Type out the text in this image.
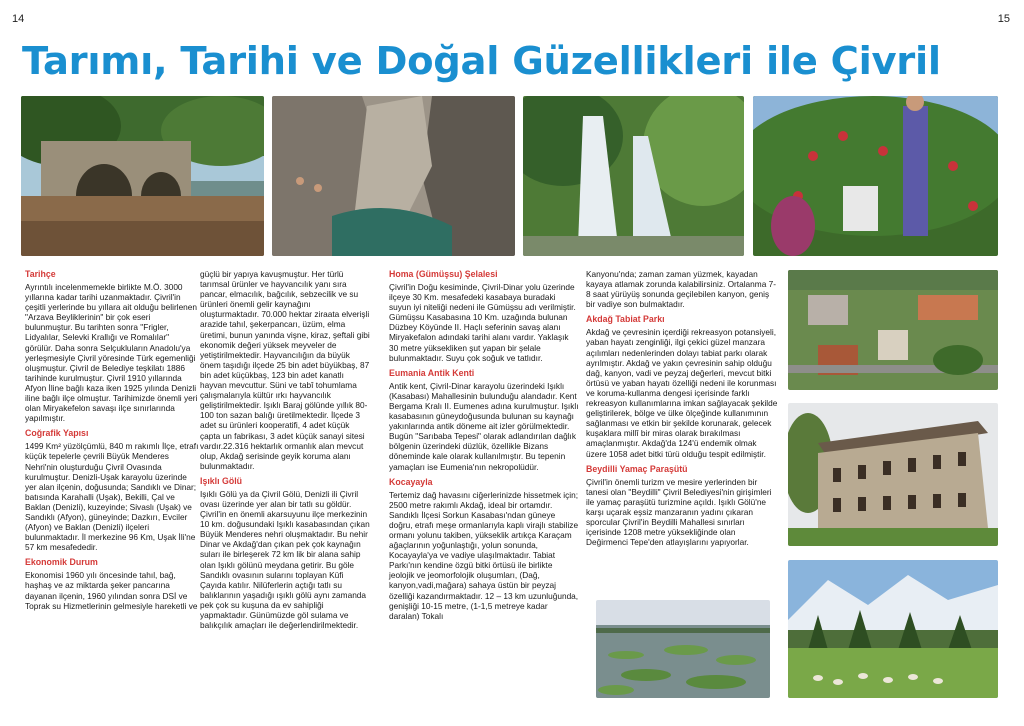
14	15
Tarımı, Tarihi ve Doğal Güzellikleri ile Çivril
Tarihçe

Ayrıntılı incelenmemekle birlikte M.Ö. 3000 yıllarına kadar tarihi uzanmaktadır. Çivril'in çeşitli yerlerinde bu yıllara ait olduğu belirlenen "Arzava Beyliklerinin" bir çok eseri bulunmuştur. Bu tarihten sonra "Frigler, Lidyalılar, Selevki Krallığı ve Romalılar" görülür. Daha sonra Selçukluların Anadolu'ya yerleşmesiyle Çivril yöresinde Türk egemenliği oluşmuştur. Çivril de Belediye teşkilatı 1886 tarihinde kurulmuştur. Çivril 1910 yıllarında Afyon İline bağlı kaza iken 1925 yılında Denizli iline bağlı ilçe olmuştur. Tarihimizde önemli yeri olan Miryakefelon savaşı ilçe sınırlarında yapılmıştır.

Coğrafik Yapısı

1499 Km² yüzölçümlü, 840 m rakımlı İlçe, etrafı küçük tepelerle çevrili Büyük Menderes Nehri'nin oluşturduğu Çivril Ovasında kurulmuştur. Denizli-Uşak karayolu üzerinde yer alan ilçenin, doğusunda; Sandıklı ve Dinar; batısında Karahalli (Uşak), Bekilli, Çal ve Baklan (Denizli), kuzeyinde; Sivaslı (Uşak) ve Sandıklı (Afyon), güneyinde; Dazkırı, Evciler (Afyon) ve Baklan (Denizli) ilçeleri bulunmaktadır. İl merkezine 96 Km, Uşak İli'ne 57 km mesafededir.

Ekonomik Durum

Ekonomisi 1960 yılı öncesinde tahıl, bağ, haşhaş ve az miktarda şeker pancarına dayanan ilçenin, 1960 yılından sonra DSİ ve Toprak su Hizmetlerinin gelmesiyle hareketli ve

güçlü bir yapıya kavuşmuştur. Her türlü tarımsal ürünler ve hayvancılık yanı sıra pancar, elmacılık, bağcılık, sebzecilik ve su ürünleri önemli gelir kaynağını oluşturmaktadır. 70.000 hektar ziraata elverişli arazide tahıl, şekerpancarı, üzüm, elma üretimi, bunun yanında vişne, kiraz, şeftali gibi ekonomik değeri yüksek meyveler de yetiştirilmektedir. Hayvancılığın da büyük önem taşıdığı ilçede 25 bin adet büyükbaş, 87 bin adet küçükbaş, 123 bin adet kanatlı hayvan mevcuttur. Süni ve tabî tohumlama çalışmalarıyla kültür ırkı hayvancılık geliştirilmektedir. Işıklı Baraj gölünde yıllık 80-100 ton sazan balığı üretilmektedir. İlçede 3 adet su ürünleri kooperatifi, 4 adet küçük çapta un fabrikası, 3 adet küçük sanayi sitesi vardır.22.316 hektarlık ormanlık alan mevcut olup, Akdağ serisinde geyik koruma alanı bulunmaktadır.

Işıklı Gölü

Işıklı Gölü ya da Çivril Gölü, Denizli ili Çivril ovası üzerinde yer alan bir tatlı su göldür. Çivril'in en önemli akarsuyunu ilçe merkezinin 10 km. doğusundaki Işıklı kasabasından çıkan Büyük Menderes nehri oluşmaktadır. Bu nehir Dinar ve Akdağ'dan çıkan pek çok kaynağın suları ile birleşerek 72 km lik bir alana sahip olan Işıklı gölünü meydana getirir. Bu göle Sandıklı ovasının sularını toplayan Küfi Çayıda katılır. Nilüferlerin açtığı tatlı su balıklarının yaşadığı ışıklı gölü aynı zamanda pek çok su kuşuna da ev sahipliği yapmaktadır. Günümüzde göl sulama ve balıkçılık amaçları ile değerlendirilmektedir.

Homa (Gümüşsu) Şelalesi

Çivril'in Doğu kesiminde, Çivril-Dinar yolu üzerinde ilçeye 30 Km. mesafedeki kasabaya buradaki suyun iyi niteliği nedeni ile Gümüşsu adı verilmiştir. Gümüşsu Kasabasına 10 Km. uzağında bulunan Düzbey Köyünde II. Haçlı seferinin savaş alanı Miryakefalon adındaki tarihi alanı vardır. Yaklaşık 30 metre yüksekliken şut yapan bir şelale bulunmaktadır. Suyu çok soğuk ve tatlıdır.

Eumania Antik Kenti

Antik kent, Çivril-Dinar karayolu üzerindeki Işıklı (Kasabası) Mahallesinin bulunduğu alandadır. Kent Bergama Kralı II. Eumenes adına kurulmuştur. Işıklı kasabasının güneydoğusunda bulunan su kaynağı yakınlarında antik döneme ait izler görülmektedir. Bugün "Sarıbaba Tepesi" olarak adlandırılan dağlık bölgenin üzerindeki düzlük, özellikle Bizans döneminde kale olarak kullanılmıştır. Bu tepenin yamaçları ise Eumenia'nın nekropolüdür.

Kocayayla

Tertemiz dağ havasını ciğerlerinizde hissetmek için; 2500 metre rakımlı Akdağ, ideal bir ortamdır. Sandıklı İlçesi Sorkun Kasabası'ndan güneye doğru, etrafı meşe ormanlarıyla kaplı virajlı stabilize ormanı yolunu takiben, yükseklik artıkça Karaçam ağaçlarının yoğunlaştığı, yolun sonunda, Kocayayla'ya ve vadiye ulaşılmaktadır. Tabiat Parkı'nın kendine özgü bitki örtüsü ile birlikte jeolojik ve jeomorfolojik oluşumları, (Dağ, kanyon,vadi,mağara) sahaya üstün bir peyzaj özelliği kazandırmaktadır. 12 – 13 km uzunluğunda, genişliği 10-15 metre, (1-1,5 metreye kadar daralan) Tokalı

Kanyonu'nda; zaman zaman yüzmek, kayadan kayaya atlamak zorunda kalabilirsiniz. Ortalanma 7-8 saat yürüyüş sonunda geçilebilen kanyon, geniş bir vadiye son bulmaktadır.

Akdağ Tabiat Parkı

Akdağ ve çevresinin içerdiği rekreasyon potansiyeli, yaban hayatı zenginliği, ilgi çekici güzel manzara açılımları nedenlerinden dolayı tabiat parkı olarak ayrılmıştır. Akdağ ve yakın çevresinin sahip olduğu dağ, kanyon, vadi ve peyzaj değerleri, mevcut bitki örtüsü ve yaban hayatı özelliği nedeni ile korunması ve koruma-kullanma dengesi içerisinde farklı rekreasyon kullanımlarına imkan sağlayacak şekilde geliştirilerek, bölge ve ülke ölçeğinde kullanımının sağlanması ve etkin bir şekilde korunarak, gelecek kuşaklara millî bir miras olarak bırakılması amaçlanmıştır. Akdağ'da 124'ü endemik olmak üzere 1058 adet bitki türü olduğu tespit edilmiştir.

Beydilli Yamaç Paraşütü

Çivril'in önemli turizm ve mesire yerlerinden bir tanesi olan "Beydilli" Çivril Belediyesi'nin girişimleri ile yamaç paraşütü turizmine açıldı. Işıklı Gölü'ne karşı uçarak eşsiz manzaranın yadını çıkaran sporcular Çivril'in Beydilli Mahallesi sınırları içerisinde 1208 metre yüksekliğinde olan Değirmenci Tepe'den atlayışlarını yapıyorlar.
